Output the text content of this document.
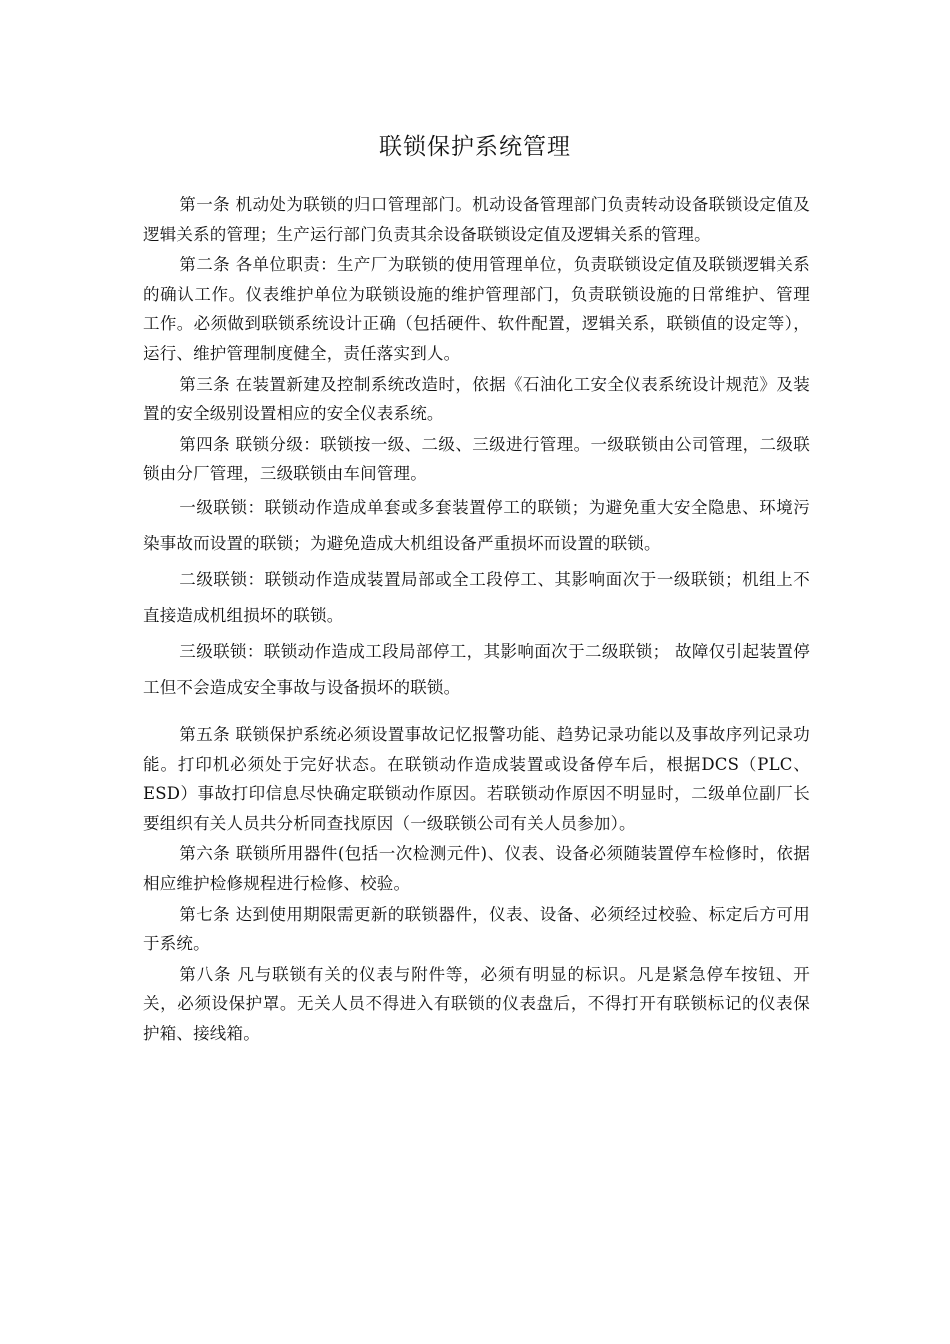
联锁保护系统管理

第一条 机动处为联锁的归口管理部门。机动设备管理部门负责转动设备联锁设定值及逻辑关系的管理；生产运行部门负责其余设备联锁设定值及逻辑关系的管理。

第二条 各单位职责：生产厂为联锁的使用管理单位，负责联锁设定值及联锁逻辑关系的确认工作。仪表维护单位为联锁设施的维护管理部门，负责联锁设施的日常维护、管理工作。必须做到联锁系统设计正确（包括硬件、软件配置，逻辑关系，联锁值的设定等），运行、维护管理制度健全，责任落实到人。

第三条 在装置新建及控制系统改造时，依据《石油化工安全仪表系统设计规范》及装置的安全级别设置相应的安全仪表系统。

第四条 联锁分级：联锁按一级、二级、三级进行管理。一级联锁由公司管理，二级联锁由分厂管理，三级联锁由车间管理。

一级联锁：联锁动作造成单套或多套装置停工的联锁；为避免重大安全隐患、环境污染事故而设置的联锁；为避免造成大机组设备严重损坏而设置的联锁。

二级联锁：联锁动作造成装置局部或全工段停工、其影响面次于一级联锁；机组上不直接造成机组损坏的联锁。

三级联锁：联锁动作造成工段局部停工，其影响面次于二级联锁； 故障仅引起装置停工但不会造成安全事故与设备损坏的联锁。

第五条 联锁保护系统必须设置事故记忆报警功能、趋势记录功能以及事故序列记录功能。打印机必须处于完好状态。在联锁动作造成装置或设备停车后，根据DCS（PLC、ESD）事故打印信息尽快确定联锁动作原因。若联锁动作原因不明显时，二级单位副厂长要组织有关人员共分析同查找原因（一级联锁公司有关人员参加）。

第六条 联锁所用器件(包括一次检测元件)、仪表、设备必须随装置停车检修时，依据相应维护检修规程进行检修、校验。

第七条 达到使用期限需更新的联锁器件，仪表、设备、必须经过校验、标定后方可用于系统。

第八条 凡与联锁有关的仪表与附件等，必须有明显的标识。凡是紧急停车按钮、开关，必须设保护罩。无关人员不得进入有联锁的仪表盘后，不得打开有联锁标记的仪表保护箱、接线箱。
